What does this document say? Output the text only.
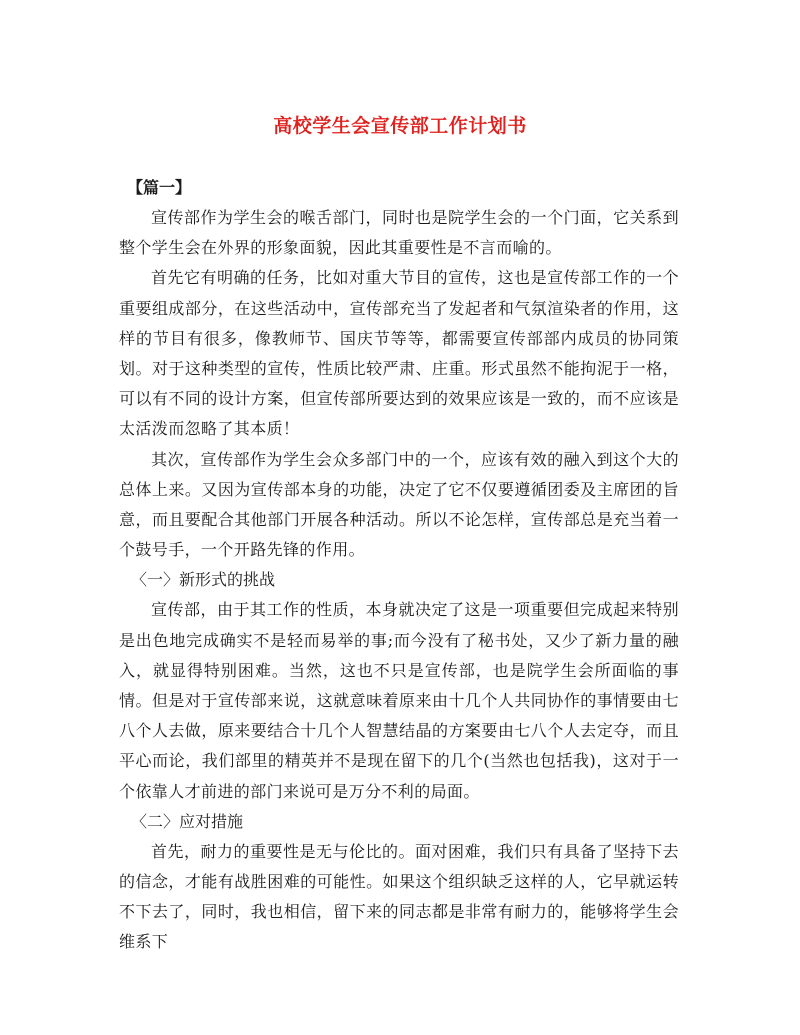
高校学生会宣传部工作计划书

【篇一】

宣传部作为学生会的喉舌部门，同时也是院学生会的一个门面，它关系到整个学生会在外界的形象面貌，因此其重要性是不言而喻的。

首先它有明确的任务，比如对重大节目的宣传，这也是宣传部工作的一个重要组成部分，在这些活动中，宣传部充当了发起者和气氛渲染者的作用，这样的节目有很多，像教师节、国庆节等等，都需要宣传部部内成员的协同策划。对于这种类型的宣传，性质比较严肃、庄重。形式虽然不能拘泥于一格，可以有不同的设计方案，但宣传部所要达到的效果应该是一致的，而不应该是太活泼而忽略了其本质！

其次，宣传部作为学生会众多部门中的一个，应该有效的融入到这个大的总体上来。又因为宣传部本身的功能，决定了它不仅要遵循团委及主席团的旨意，而且要配合其他部门开展各种活动。所以不论怎样，宣传部总是充当着一个鼓号手，一个开路先锋的作用。

〈一〉新形式的挑战

宣传部，由于其工作的性质，本身就决定了这是一项重要但完成起来特别是出色地完成确实不是轻而易举的事;而今没有了秘书处，又少了新力量的融入，就显得特别困难。当然，这也不只是宣传部，也是院学生会所面临的事情。但是对于宣传部来说，这就意味着原来由十几个人共同协作的事情要由七八个人去做，原来要结合十几个人智慧结晶的方案要由七八个人去定夺，而且平心而论，我们部里的精英并不是现在留下的几个(当然也包括我)，这对于一个依靠人才前进的部门来说可是万分不利的局面。

〈二〉应对措施

首先，耐力的重要性是无与伦比的。面对困难，我们只有具备了坚持下去的信念，才能有战胜困难的可能性。如果这个组织缺乏这样的人，它早就运转不下去了，同时，我也相信，留下来的同志都是非常有耐力的，能够将学生会维系下
